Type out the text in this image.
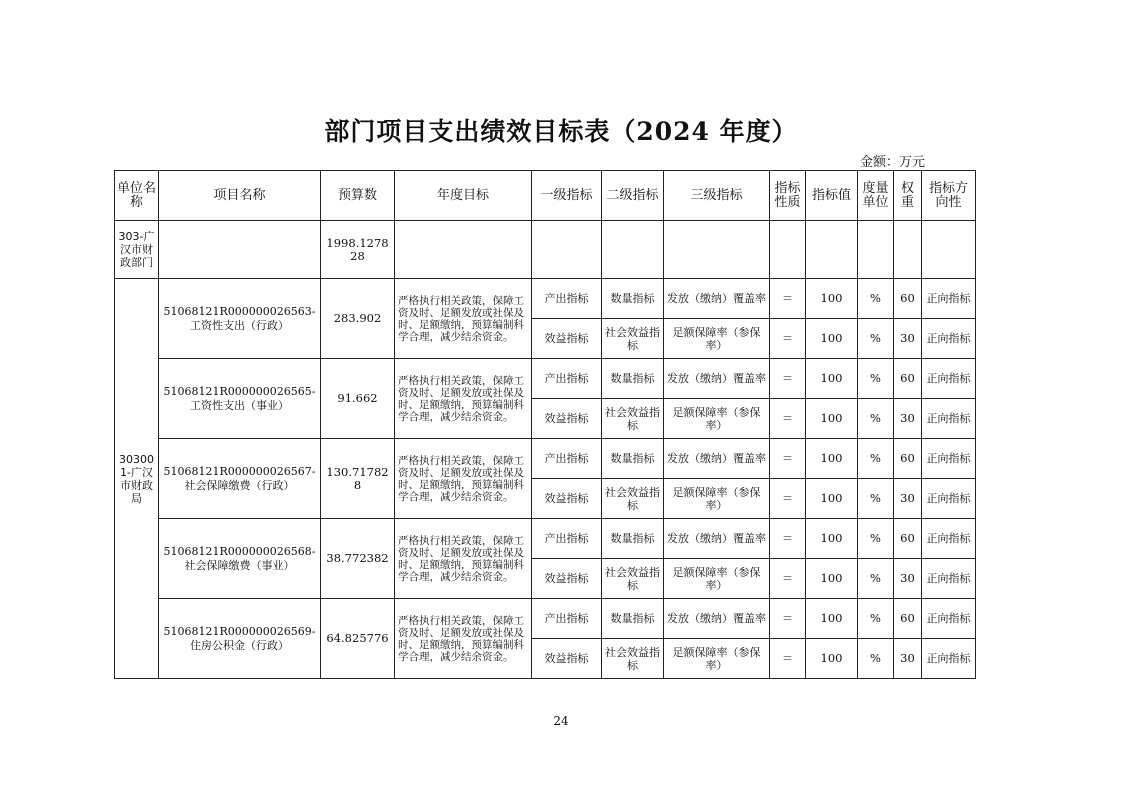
部门项目支出绩效目标表（2024 年度）
金额：万元
单位名称	项目名称	预算数	年度目标	一级指标	二级指标	三级指标	指标性质	指标值	度量单位	权重	指标方向性
303-广汉市财政部门		1998.127828									
303001-广汉市财政局	51068121R000000026563-工资性支出（行政）	283.902	严格执行相关政策，保障工资及时、足额发放或社保及时、足额缴纳，预算编制科学合理，减少结余资金。	产出指标	数量指标	发放（缴纳）覆盖率	＝	100	%	60	正向指标
				效益指标	社会效益指标	足额保障率（参保率）	＝	100	%	30	正向指标
	51068121R000000026565-工资性支出（事业）	91.662	严格执行相关政策，保障工资及时、足额发放或社保及时、足额缴纳，预算编制科学合理，减少结余资金。	产出指标	数量指标	发放（缴纳）覆盖率	＝	100	%	60	正向指标
				效益指标	社会效益指标	足额保障率（参保率）	＝	100	%	30	正向指标
	51068121R000000026567-社会保障缴费（行政）	130.717828	严格执行相关政策，保障工资及时、足额发放或社保及时、足额缴纳，预算编制科学合理，减少结余资金。	产出指标	数量指标	发放（缴纳）覆盖率	＝	100	%	60	正向指标
				效益指标	社会效益指标	足额保障率（参保率）	＝	100	%	30	正向指标
	51068121R000000026568-社会保障缴费（事业）	38.772382	严格执行相关政策，保障工资及时、足额发放或社保及时、足额缴纳，预算编制科学合理，减少结余资金。	产出指标	数量指标	发放（缴纳）覆盖率	＝	100	%	60	正向指标
				效益指标	社会效益指标	足额保障率（参保率）	＝	100	%	30	正向指标
	51068121R000000026569-住房公积金（行政）	64.825776	严格执行相关政策，保障工资及时、足额发放或社保及时、足额缴纳，预算编制科学合理，减少结余资金。	产出指标	数量指标	发放（缴纳）覆盖率	＝	100	%	60	正向指标
				效益指标	社会效益指标	足额保障率（参保率）	＝	100	%	30	正向指标
24
